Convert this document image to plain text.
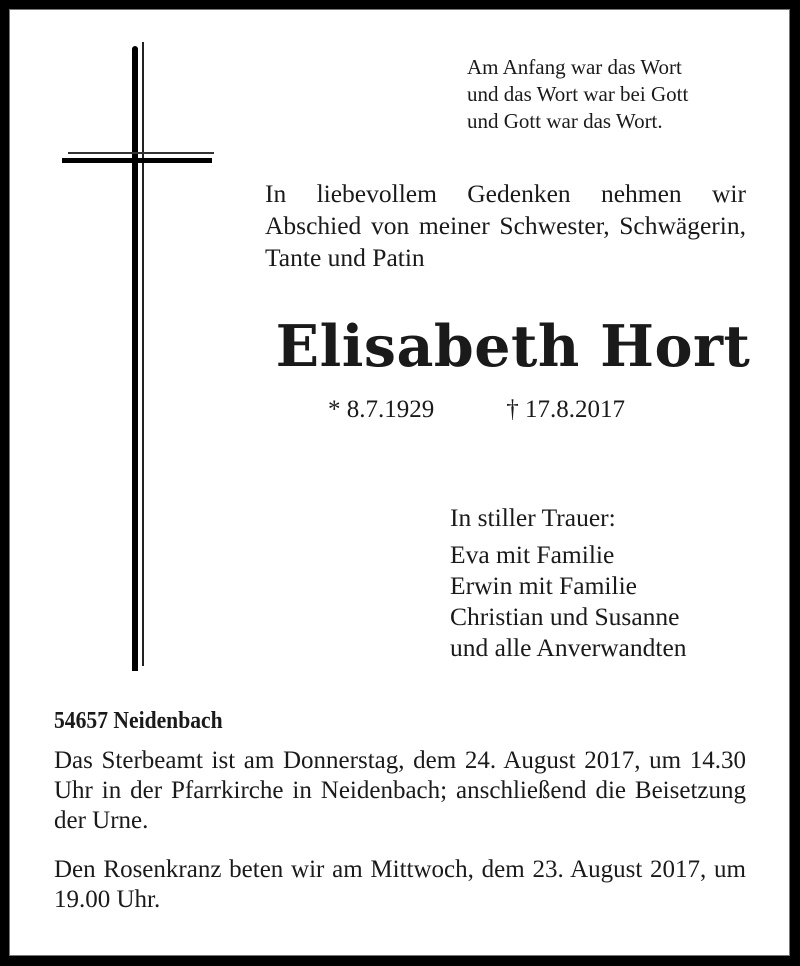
Am Anfang war das Wort
und das Wort war bei Gott
und Gott war das Wort.
In liebevollem Gedenken nehmen wir Abschied von meiner Schwester, Schwägerin, Tante und Patin
Elisabeth Hort
* 8.7.1929	† 17.8.2017
In stiller Trauer:
Eva mit Familie
Erwin mit Familie
Christian und Susanne
und alle Anverwandten
54657 Neidenbach
Das Sterbeamt ist am Donnerstag, dem 24. August 2017, um 14.30 Uhr in der Pfarrkirche in Neidenbach; anschließend die Beisetzung der Urne.
Den Rosenkranz beten wir am Mittwoch, dem 23. August 2017, um 19.00 Uhr.
